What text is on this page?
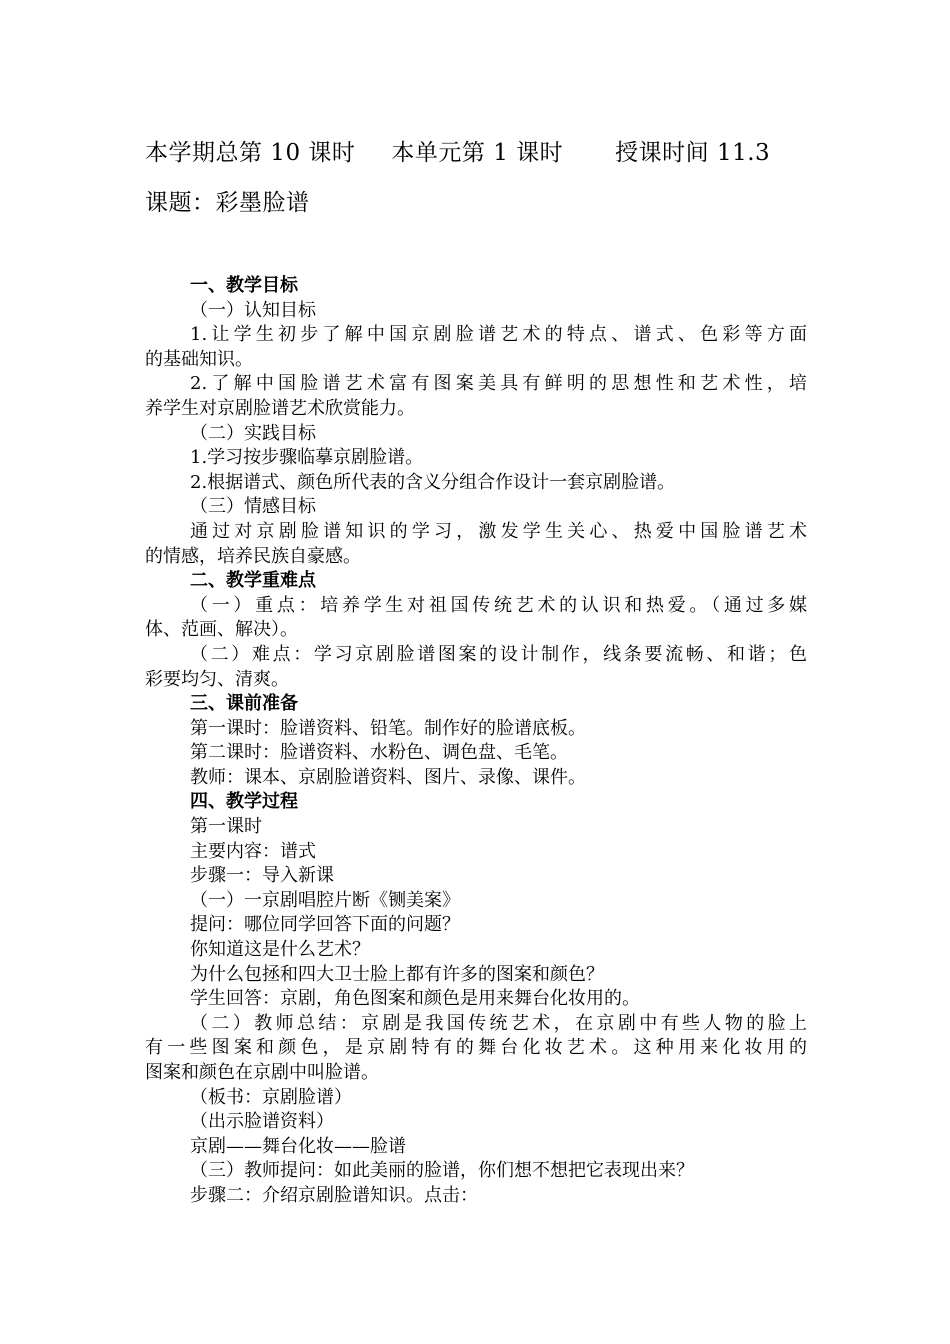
本学期总第 10 课时 本单元第 1 课时 授课时间 11.3
课题：彩墨脸谱
一、教学目标
（一）认知目标
1.让学生初步了解中国京剧脸谱艺术的特点、谱式、色彩等方面
的基础知识。
2.了解中国脸谱艺术富有图案美具有鲜明的思想性和艺术性，培
养学生对京剧脸谱艺术欣赏能力。
（二）实践目标
1.学习按步骤临摹京剧脸谱。
2.根据谱式、颜色所代表的含义分组合作设计一套京剧脸谱。
（三）情感目标
通过对京剧脸谱知识的学习，激发学生关心、热爱中国脸谱艺术
的情感，培养民族自豪感。
二、教学重难点
（一）重点：培养学生对祖国传统艺术的认识和热爱。（通过多媒
体、范画、解决）。
（二）难点：学习京剧脸谱图案的设计制作，线条要流畅、和谐；色
彩要均匀、清爽。
三、课前准备
第一课时：脸谱资料、铅笔。制作好的脸谱底板。
第二课时：脸谱资料、水粉色、调色盘、毛笔。
教师：课本、京剧脸谱资料、图片、录像、课件。
四、教学过程
第一课时
主要内容：谱式
步骤一：导入新课
（一）一京剧唱腔片断《铡美案》
提问：哪位同学回答下面的问题？
你知道这是什么艺术？
为什么包拯和四大卫士脸上都有许多的图案和颜色？
学生回答：京剧，角色图案和颜色是用来舞台化妆用的。
（二）教师总结：京剧是我国传统艺术，在京剧中有些人物的脸上
有一些图案和颜色，是京剧特有的舞台化妆艺术。这种用来化妆用的
图案和颜色在京剧中叫脸谱。
（板书：京剧脸谱）
（出示脸谱资料）
京剧——舞台化妆——脸谱
（三）教师提问：如此美丽的脸谱，你们想不想把它表现出来？
步骤二：介绍京剧脸谱知识。点击：
